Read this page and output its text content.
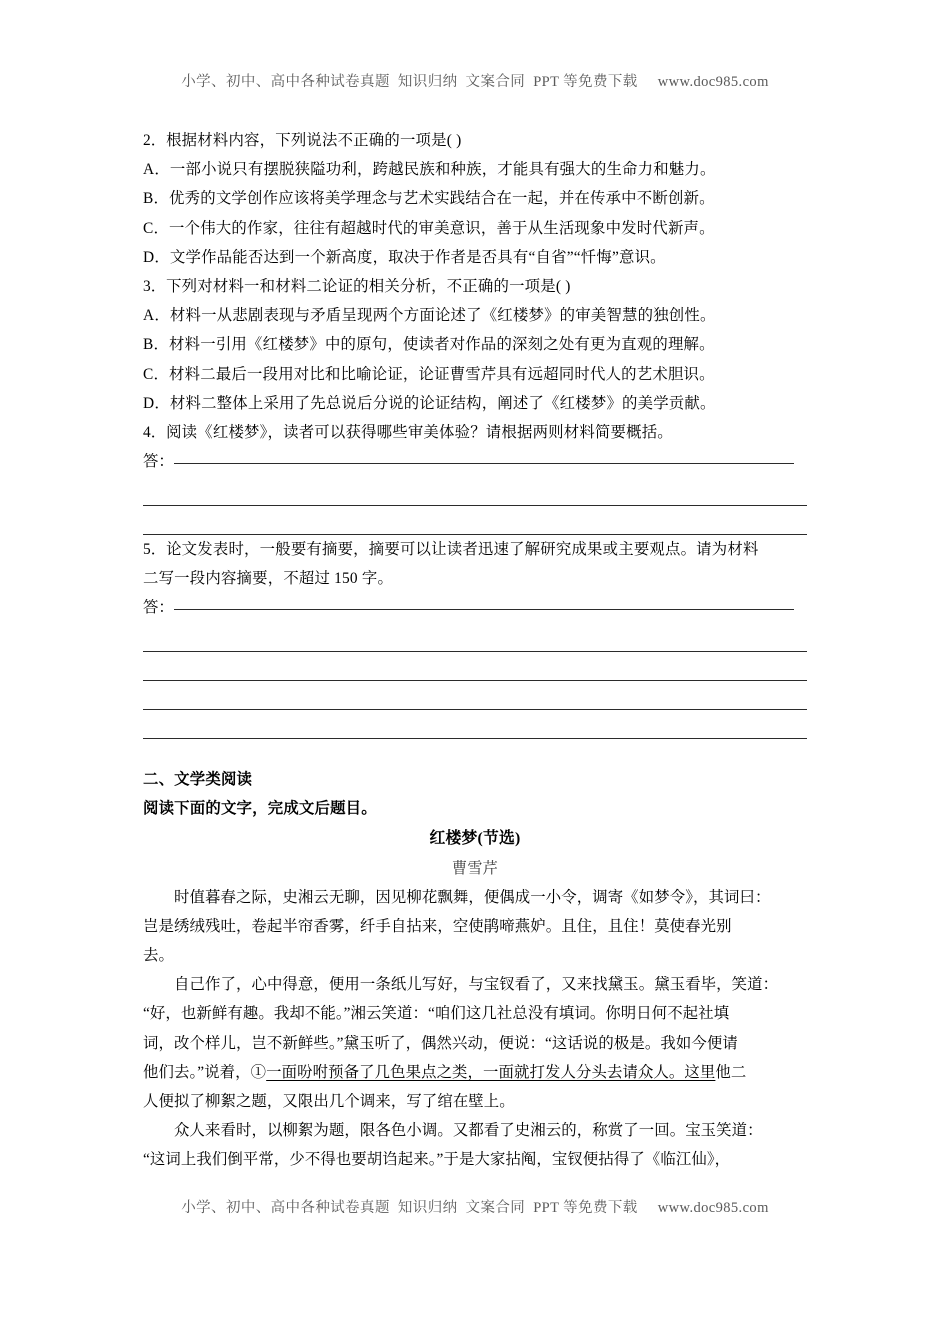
小学、初中、高中各种试卷真题  知识归纳  文案合同  PPT 等免费下载     www.doc985.com
2．根据材料内容，下列说法不正确的一项是( )
A．一部小说只有摆脱狭隘功利，跨越民族和种族，才能具有强大的生命力和魅力。
B．优秀的文学创作应该将美学理念与艺术实践结合在一起，并在传承中不断创新。
C．一个伟大的作家，往往有超越时代的审美意识，善于从生活现象中发时代新声。
D．文学作品能否达到一个新高度，取决于作者是否具有“自省”“忏悔”意识。
3．下列对材料一和材料二论证的相关分析，不正确的一项是( )
A．材料一从悲剧表现与矛盾呈现两个方面论述了《红楼梦》的审美智慧的独创性。
B．材料一引用《红楼梦》中的原句，使读者对作品的深刻之处有更为直观的理解。
C．材料二最后一段用对比和比喻论证，论证曹雪芹具有远超同时代人的艺术胆识。
D．材料二整体上采用了先总说后分说的论证结构，阐述了《红楼梦》的美学贡献。
4．阅读《红楼梦》，读者可以获得哪些审美体验？请根据两则材料简要概括。
答：
5．论文发表时，一般要有摘要，摘要可以让读者迅速了解研究成果或主要观点。请为材料
二写一段内容摘要，不超过 150 字。
答：
二、文学类阅读
阅读下面的文字，完成文后题目。
红楼梦(节选)
曹雪芹
时值暮春之际，史湘云无聊，因见柳花飘舞，便偶成一小令，调寄《如梦令》，其词曰：
岂是绣绒残吐，卷起半帘香雾，纤手自拈来，空使鹃啼燕妒。且住，且住！莫使春光别
去。
自己作了，心中得意，便用一条纸儿写好，与宝钗看了，又来找黛玉。黛玉看毕，笑道：
“好，也新鲜有趣。我却不能。”湘云笑道：“咱们这几社总没有填词。你明日何不起社填
词，改个样儿，岂不新鲜些。”黛玉听了，偶然兴动，便说：“这话说的极是。我如今便请
他们去。”说着，①一面吩咐预备了几色果点之类，一面就打发人分头去请众人。这里他二
人便拟了柳絮之题，又限出几个调来，写了绾在壁上。
众人来看时，以柳絮为题，限各色小调。又都看了史湘云的，称赏了一回。宝玉笑道：
“这词上我们倒平常，少不得也要胡诌起来。”于是大家拈阄，宝钗便拈得了《临江仙》，
小学、初中、高中各种试卷真题  知识归纳  文案合同  PPT 等免费下载     www.doc985.com
